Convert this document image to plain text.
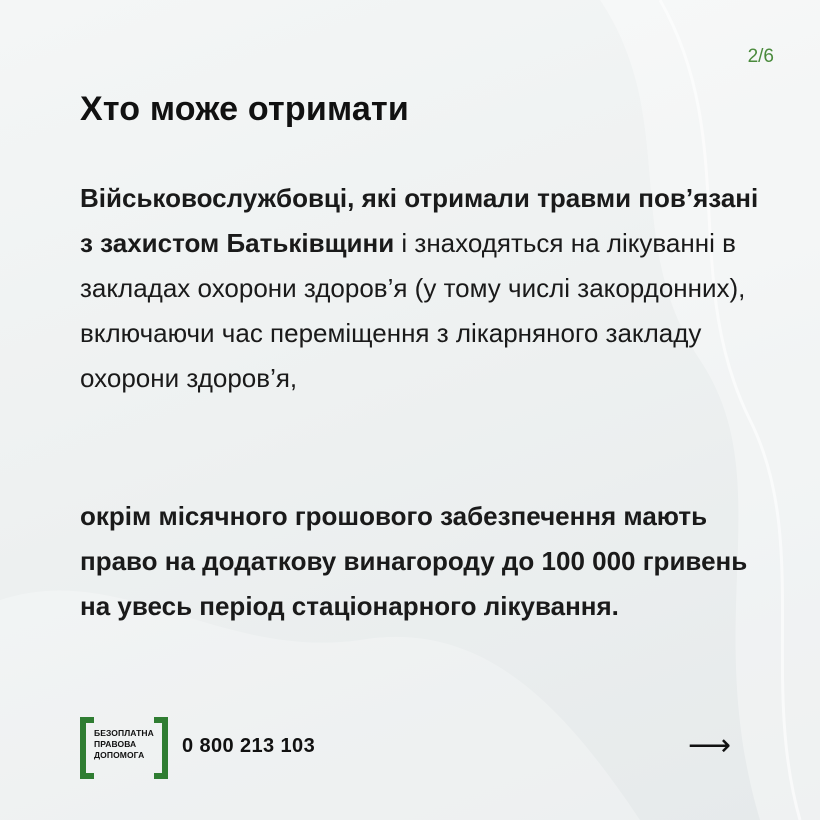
2/6
Хто може отримати

Військовослужбовці, які отримали травми пов’язані з захистом Батьківщини і знаходяться на лікуванні в закладах охорони здоров’я (у тому числі закордонних), включаючи час переміщення з лікарняного закладу охорони здоров’я,

окрім місячного грошового забезпечення мають право на додаткову винагороду до 100 000 гривень на увесь період стаціонарного лікування.

БЕЗОПЛАТНА
ПРАВОВА
ДОПОМОГА	0 800 213 103	⟶
